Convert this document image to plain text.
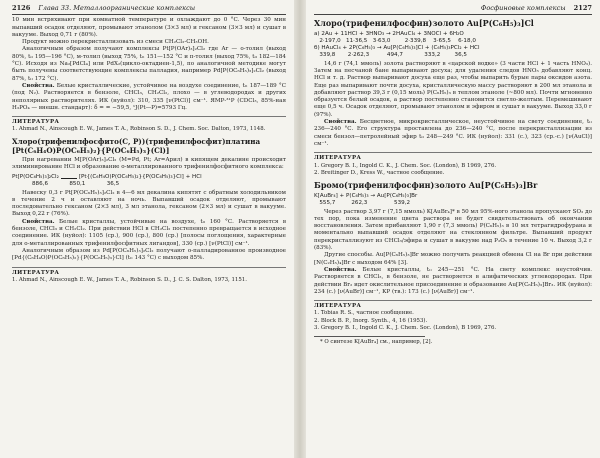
2126	Глава 33. Металлоорганические комплексы

10 мин встряхивают при комнатной температуре и охлаждают до 0 °С. Через 30 мин выпавший осадок отделяют, промывают этанолом (3×3 мл) и гексаном (3×3 мл) и сушат в вакууме. Выход 0,71 г (80%).

Продукт можно перекристаллизовать из смеси CH₂Cl₂-CH₃OH.

Аналогичным образом получают комплексы Pt[P(OAr)₃]₂Cl₂ где Ar — о-толил (выход 80%, tₗₗ 195—196 °С), м-толил (выход 75%, tₗₗ 151—152 °С и п-толил (выход 75%, tₗₗ 182—184 °С). Исходя из Na₂[PdCl₄] или PdX₂(цикло-октадиен-1,5), по аналогичной методике могут быть получены соответствующие комплексы палладия, например Pd[P(OC₆H₅)₃]₂Cl₂ (выход 87%, tₗₗ 172 °С).

Свойства. Белые кристаллические, устойчивое на воздухе соединение, tₗₗ 187—189 °С (под N₂). Растворяется в бензоле, CHCl₃, CH₂Cl₂, плохо — в углеводородах и других неполярных растворителях. ИК (нуйол): 310, 335 [ν(PtCl)] см⁻¹. ЯМР-³¹P (CDCl₃, 85%-ная H₃PO₄ — внешн. стандарт): δ = = −59,5, ¹J(Pt—P)=5793 Гц.

ЛИТЕРАТУРА

1. Ahmad N., Ainscough E. W., James T. A., Robinson S. D., J. Chem. Soc. Dalton, 1973, 1148.

Хлоро(трифенилфосфито(С, Р))(трифенилфосфит)платина
[Pt(C₆H₄O)P(OC₆H₅)₂}{P(OC₆H₅)₃}(Cl)]

При нагревании M[P(OAr)₃]₂Cl₂ (M=Pd, Pt; Ar=Aрил) в кипящем декалине происходит элиминирование HCl и образование о-металлированного трифенилфосфитного комплекса:

Pt[P(OC₆H₅)₃]₂Cl₂	[Pt{(C₆H₄O)P(OC₆H₅)₂}{P(OC₆H₅)₃}Cl] + HCl
886,6            850,1            36,5

Навеску 0,3 г Pt[P(OC₆H₅)₃]₂Cl₂ в 4—6 мл декалина кипятят с обратным холодильником в течение 2 ч и оставляют на ночь. Выпавший осадок отделяют, промывают последовательно гексаном (2×3 мл), 3 мл этанола, гексаном (2×3 мл) и сушат в вакууме. Выход 0,22 г (76%).

Свойства. Белые кристаллы, устойчивые на воздухе, tₗₗ 160 °С. Растворяется в бензоле, CHCl₃ и CH₂Cl₂. При действии HCl в CH₂Cl₂ постепенно превращается в исходное соединение. ИК (нуйол): 1105 (ср.), 900 (ср.), 800 (ср.) [полосы поглощения, характерные для о-металлированных трифенилфосфитных лигандов], 330 (ср.) [ν(PtCl)] см⁻¹.

Аналогичным образом из Pd[P(OC₆H₅)₃]₂Cl₂ получают о-палладированное производное [Pd{(C₆H₄O)P(OC₆H₅)₂}{P(OC₆H₅)₃}Cl] (tₗₗ 143 °С) с выходом 85%.

ЛИТЕРАТУРА

1. Ahmad N., Ainscough E. W., James T. A., Robinson S. D., J. C. S. Dalton, 1973, 1151.

Фосфиновые комплексы	2127
Хлоро(трифенилфосфин)золото Au[P(C₆H₅)₃]Cl
а) 2Au + 11HCl + 3HNO₃ → 2HAuCl₄ + 3NOCl + 6H₂O
2·197,0   11·36,5   3·63,0        2·339,8    3·65,5    6·18,0
б) HAuCl₄ + 2P(C₆H₅)₃ → Au[P(C₆H₅)₃]Cl + (C₆H₅)₃PCl₂ + HCl
339,8       2·262,3          494,7            333,2        36,5

14,6 г (74,1 ммоль) золота растворяют в «царской водке» (3 части HCl + 1 часть HNO₃). Затем на песчаной бане выпаривают досуха; для удаления следов HNO₃ добавляют конц. HCl и т. д. Раствор выпаривают досуха еще раз, чтобы выпарить бурые пары оксидов азота. Еще раз выпаривают почти досуха, кристаллическую массу растворяют в 200 мл этанола и добавляют раствор 39,3 г (0,15 моль) P(C₆H₅)₃ в теплом этаноле (~800 мл). Почти мгновенно образуется белый осадок, а раствор постепенно становится светло-желтым. Перемешивают еще 0,5 ч. Осадок отделяют, промывают этанолом и эфиром и сушат в вакууме. Выход 33,0 г (97%).

Свойства. Бесцветное, микрокристаллическое, неустойчивое на свету соединение, tₗₗ 236—240 °С. Его структура проставлена до 236—240 °С, после перекристаллизации из смеси бензол—петролейный эфир tₗₗ 248—249 °С. ИК (нуйол): 331 (с.), 323 (ср.-с.) [ν(AuCl)] см⁻¹.

ЛИТЕРАТУРА

1. Gregory B. I., Ingold C. K., J. Chem. Soc. (London), B 1969, 276.

2. Breitinger D., Kress W., частное сообщение.

Бромо(трифенилфосфин)золото Au[P(C₆H₅)₃]Br
K[AuBr₄] + P(C₆H₅)₃ → Au[P(C₆H₅)₃]Br
555,7         262,3               539,2

Через раствор 3,97 г (7,15 ммоль) K[AuBr₄]* в 50 мл 95%-ного этанола пропускают SO₂ до тех пор, пока изменение цвета раствора не будет свидетельствовать об окончании восстановления. Затем прибавляют 1,90 г (7,3 ммоль) P(C₆H₅)₃ в 10 мл тетрагидрофурана и моментально выпавший осадок отделяют на стеклянном фильтре. Выпавший продукт перекристаллизуют из CHCl₃/эфира и сушат в вакууме над P₂O₅ в течение 10 ч. Выход 3,2 г (83%).

Другие способы. Au[P(C₆H₅)₃]Br можно получить реакцией обмена Cl на Br при действии [N(C₂H₅)₄]Br с выходом 64% [3].

Свойства. Белые кристаллы, tₗₗ 245—251 °С. На свету комплекс неустойчив. Растворяется в CHCl₃, в бензоле, не растворяется в алифатических углеводородах. При действии Br₂ идет окислительное присоединение и образование Au[P(C₆H₅)₃]Br₃. ИК (нуйол): 234 (с.) [ν(AuBr)] см⁻¹, КР (тв.): 173 (с.) [ν(AuBr)] см⁻¹.

ЛИТЕРАТУРА

1. Tobias R. S., частное сообщение.

2. Block B. P., Inorg. Synth., 4, 16 (1953).

3. Gregory B. I., Ingold C. K., J. Chem. Soc. (London), B 1969, 276.

* О синтезе K[AuBr₄] см., например, [2].
